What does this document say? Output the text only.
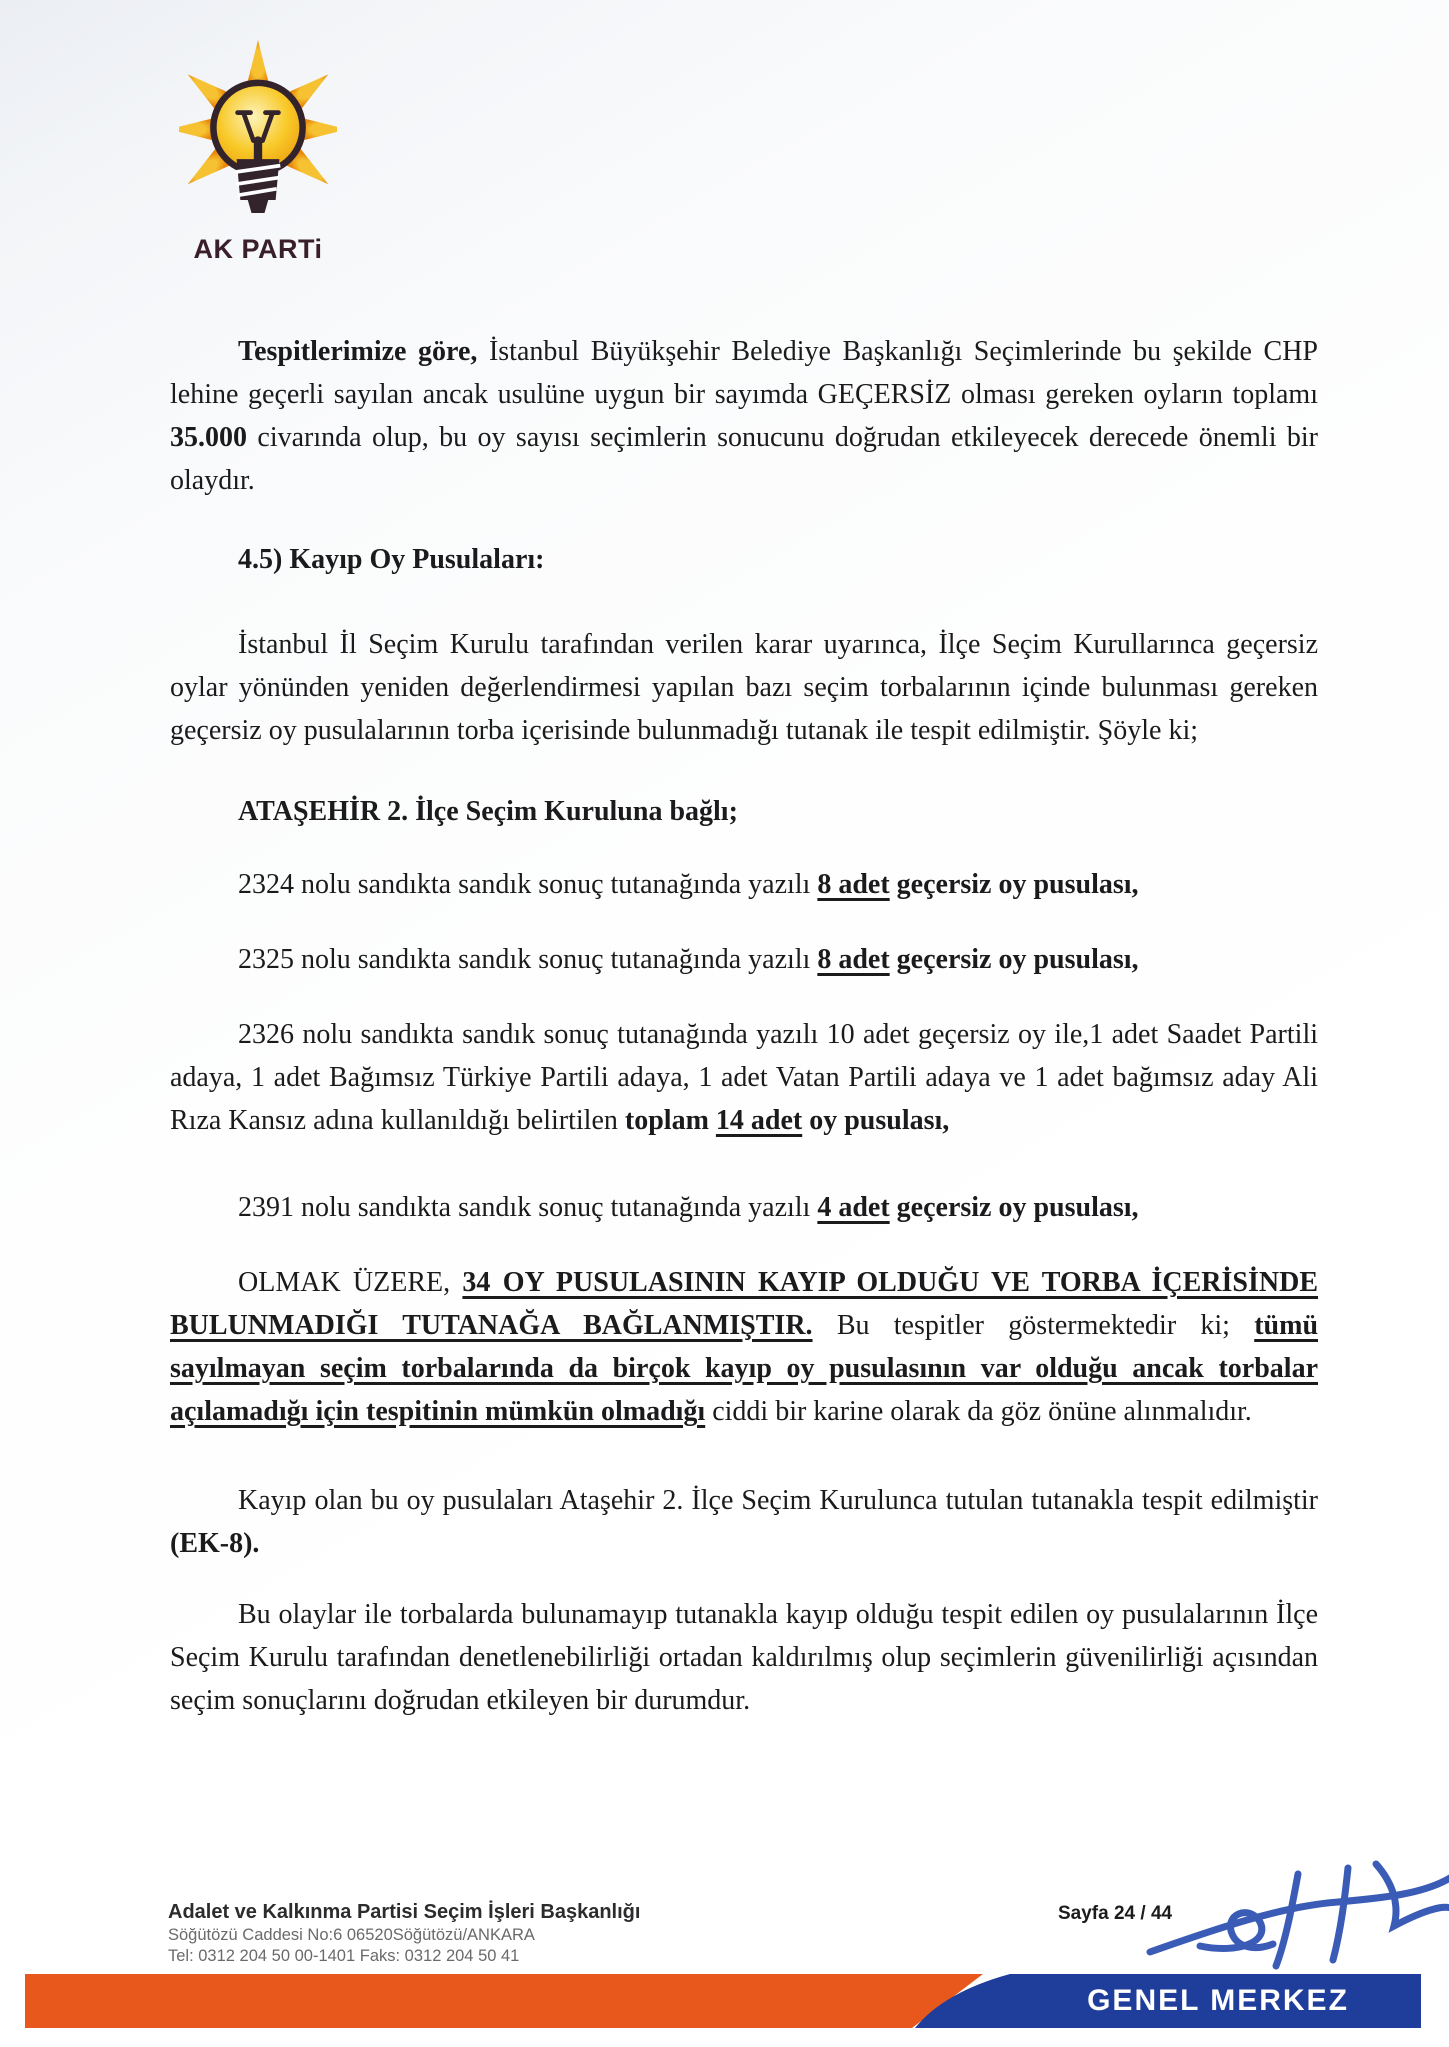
AK PARTi

Tespitlerimize göre, İstanbul Büyükşehir Belediye Başkanlığı Seçimlerinde bu şekilde CHP lehine geçerli sayılan ancak usulüne uygun bir sayımda GEÇERSİZ olması gereken oyların toplamı 35.000 civarında olup, bu oy sayısı seçimlerin sonucunu doğrudan etkileyecek derecede önemli bir olaydır.

4.5) Kayıp Oy Pusulaları:

İstanbul İl Seçim Kurulu tarafından verilen karar uyarınca, İlçe Seçim Kurullarınca geçersiz oylar yönünden yeniden değerlendirmesi yapılan bazı seçim torbalarının içinde bulunması gereken geçersiz oy pusulalarının torba içerisinde bulunmadığı tutanak ile tespit edilmiştir. Şöyle ki;

ATAŞEHİR 2. İlçe Seçim Kuruluna bağlı;

2324 nolu sandıkta sandık sonuç tutanağında yazılı 8 adet geçersiz oy pusulası,

2325 nolu sandıkta sandık sonuç tutanağında yazılı 8 adet geçersiz oy pusulası,

2326 nolu sandıkta sandık sonuç tutanağında yazılı 10 adet geçersiz oy ile,1 adet Saadet Partili adaya, 1 adet Bağımsız Türkiye Partili adaya, 1 adet Vatan Partili adaya ve 1 adet bağımsız aday Ali Rıza Kansız adına kullanıldığı belirtilen toplam 14 adet oy pusulası,

2391 nolu sandıkta sandık sonuç tutanağında yazılı 4 adet geçersiz oy pusulası,

OLMAK ÜZERE, 34 OY PUSULASININ KAYIP OLDUĞU VE TORBA İÇERİSİNDE BULUNMADIĞI TUTANAĞA BAĞLANMIŞTIR. Bu tespitler göstermektedir ki; tümü sayılmayan seçim torbalarında da birçok kayıp oy pusulasının var olduğu ancak torbalar açılamadığı için tespitinin mümkün olmadığı ciddi bir karine olarak da göz önüne alınmalıdır.

Kayıp olan bu oy pusulaları Ataşehir 2. İlçe Seçim Kurulunca tutulan tutanakla tespit edilmiştir (EK-8).

Bu olaylar ile torbalarda bulunamayıp tutanakla kayıp olduğu tespit edilen oy pusulalarının İlçe Seçim Kurulu tarafından denetlenebilirliği ortadan kaldırılmış olup seçimlerin güvenilirliği açısından seçim sonuçlarını doğrudan etkileyen bir durumdur.

Adalet ve Kalkınma Partisi Seçim İşleri Başkanlığı
Söğütözü Caddesi No:6 06520Söğütözü/ANKARA
Tel: 0312 204 50 00-1401 Faks: 0312 204 50 41
Sayfa 24 / 44
GENEL MERKEZ
